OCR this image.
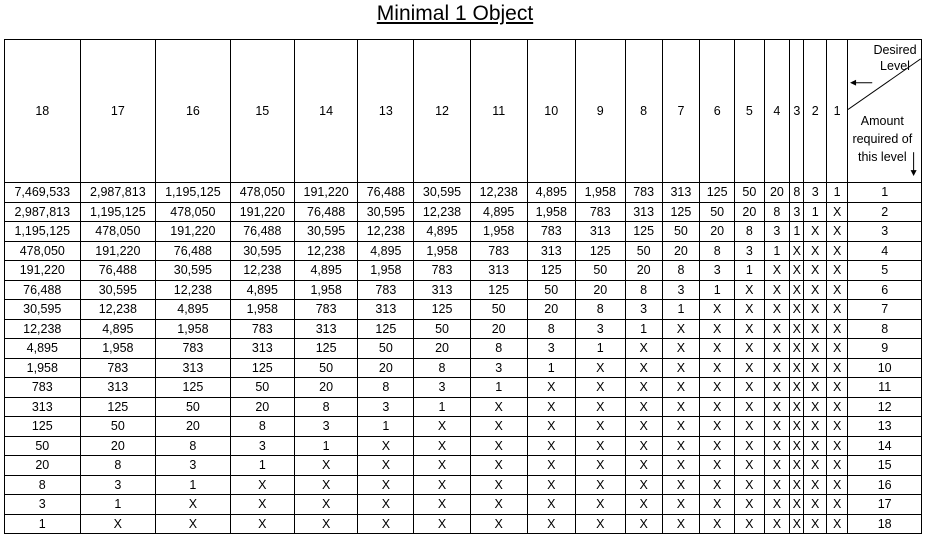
Minimal 1 Object
18	17	16	15	14	13	12	11	10	9	8	7	6	5	4	3	2	1	Desired Level
Amount required of this level

7,469,533	2,987,813	1,195,125	478,050	191,220	76,488	30,595	12,238	4,895	1,958	783	313	125	50	20	8	3	1	1
2,987,813	1,195,125	478,050	191,220	76,488	30,595	12,238	4,895	1,958	783	313	125	50	20	8	3	1	X	2
1,195,125	478,050	191,220	76,488	30,595	12,238	4,895	1,958	783	313	125	50	20	8	3	1	X	X	3
478,050	191,220	76,488	30,595	12,238	4,895	1,958	783	313	125	50	20	8	3	1	X	X	X	4
191,220	76,488	30,595	12,238	4,895	1,958	783	313	125	50	20	8	3	1	X	X	X	X	5
76,488	30,595	12,238	4,895	1,958	783	313	125	50	20	8	3	1	X	X	X	X	X	6
30,595	12,238	4,895	1,958	783	313	125	50	20	8	3	1	X	X	X	X	X	X	7
12,238	4,895	1,958	783	313	125	50	20	8	3	1	X	X	X	X	X	X	X	8
4,895	1,958	783	313	125	50	20	8	3	1	X	X	X	X	X	X	X	X	9
1,958	783	313	125	50	20	8	3	1	X	X	X	X	X	X	X	X	X	10
783	313	125	50	20	8	3	1	X	X	X	X	X	X	X	X	X	X	11
313	125	50	20	8	3	1	X	X	X	X	X	X	X	X	X	X	X	12
125	50	20	8	3	1	X	X	X	X	X	X	X	X	X	X	X	X	13
50	20	8	3	1	X	X	X	X	X	X	X	X	X	X	X	X	X	14
20	8	3	1	X	X	X	X	X	X	X	X	X	X	X	X	X	X	15
8	3	1	X	X	X	X	X	X	X	X	X	X	X	X	X	X	X	16
3	1	X	X	X	X	X	X	X	X	X	X	X	X	X	X	X	X	17
1	X	X	X	X	X	X	X	X	X	X	X	X	X	X	X	X	X	18
